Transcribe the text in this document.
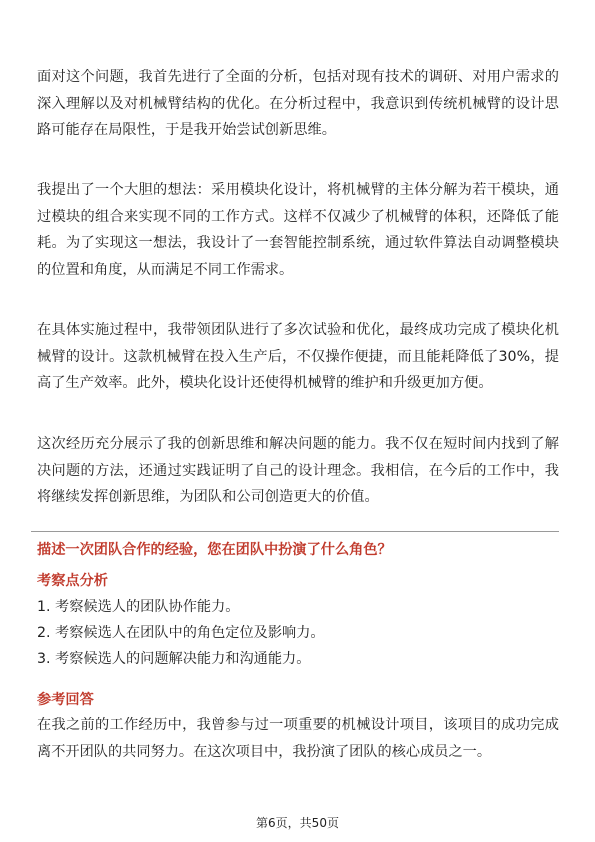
面对这个问题，我首先进行了全面的分析，包括对现有技术的调研、对用户需求的深入理解以及对机械臂结构的优化。在分析过程中，我意识到传统机械臂的设计思路可能存在局限性，于是我开始尝试创新思维。

我提出了一个大胆的想法：采用模块化设计，将机械臂的主体分解为若干模块，通过模块的组合来实现不同的工作方式。这样不仅减少了机械臂的体积，还降低了能耗。为了实现这一想法，我设计了一套智能控制系统，通过软件算法自动调整模块的位置和角度，从而满足不同工作需求。

在具体实施过程中，我带领团队进行了多次试验和优化，最终成功完成了模块化机械臂的设计。这款机械臂在投入生产后，不仅操作便捷，而且能耗降低了30%，提高了生产效率。此外，模块化设计还使得机械臂的维护和升级更加方便。

这次经历充分展示了我的创新思维和解决问题的能力。我不仅在短时间内找到了解决问题的方法，还通过实践证明了自己的设计理念。我相信，在今后的工作中，我将继续发挥创新思维，为团队和公司创造更大的价值。

描述一次团队合作的经验，您在团队中扮演了什么角色？

考察点分析

1. 考察候选人的团队协作能力。
2. 考察候选人在团队中的角色定位及影响力。
3. 考察候选人的问题解决能力和沟通能力。

参考回答

在我之前的工作经历中，我曾参与过一项重要的机械设计项目，该项目的成功完成离不开团队的共同努力。在这次项目中，我扮演了团队的核心成员之一。

第6页，共50页
